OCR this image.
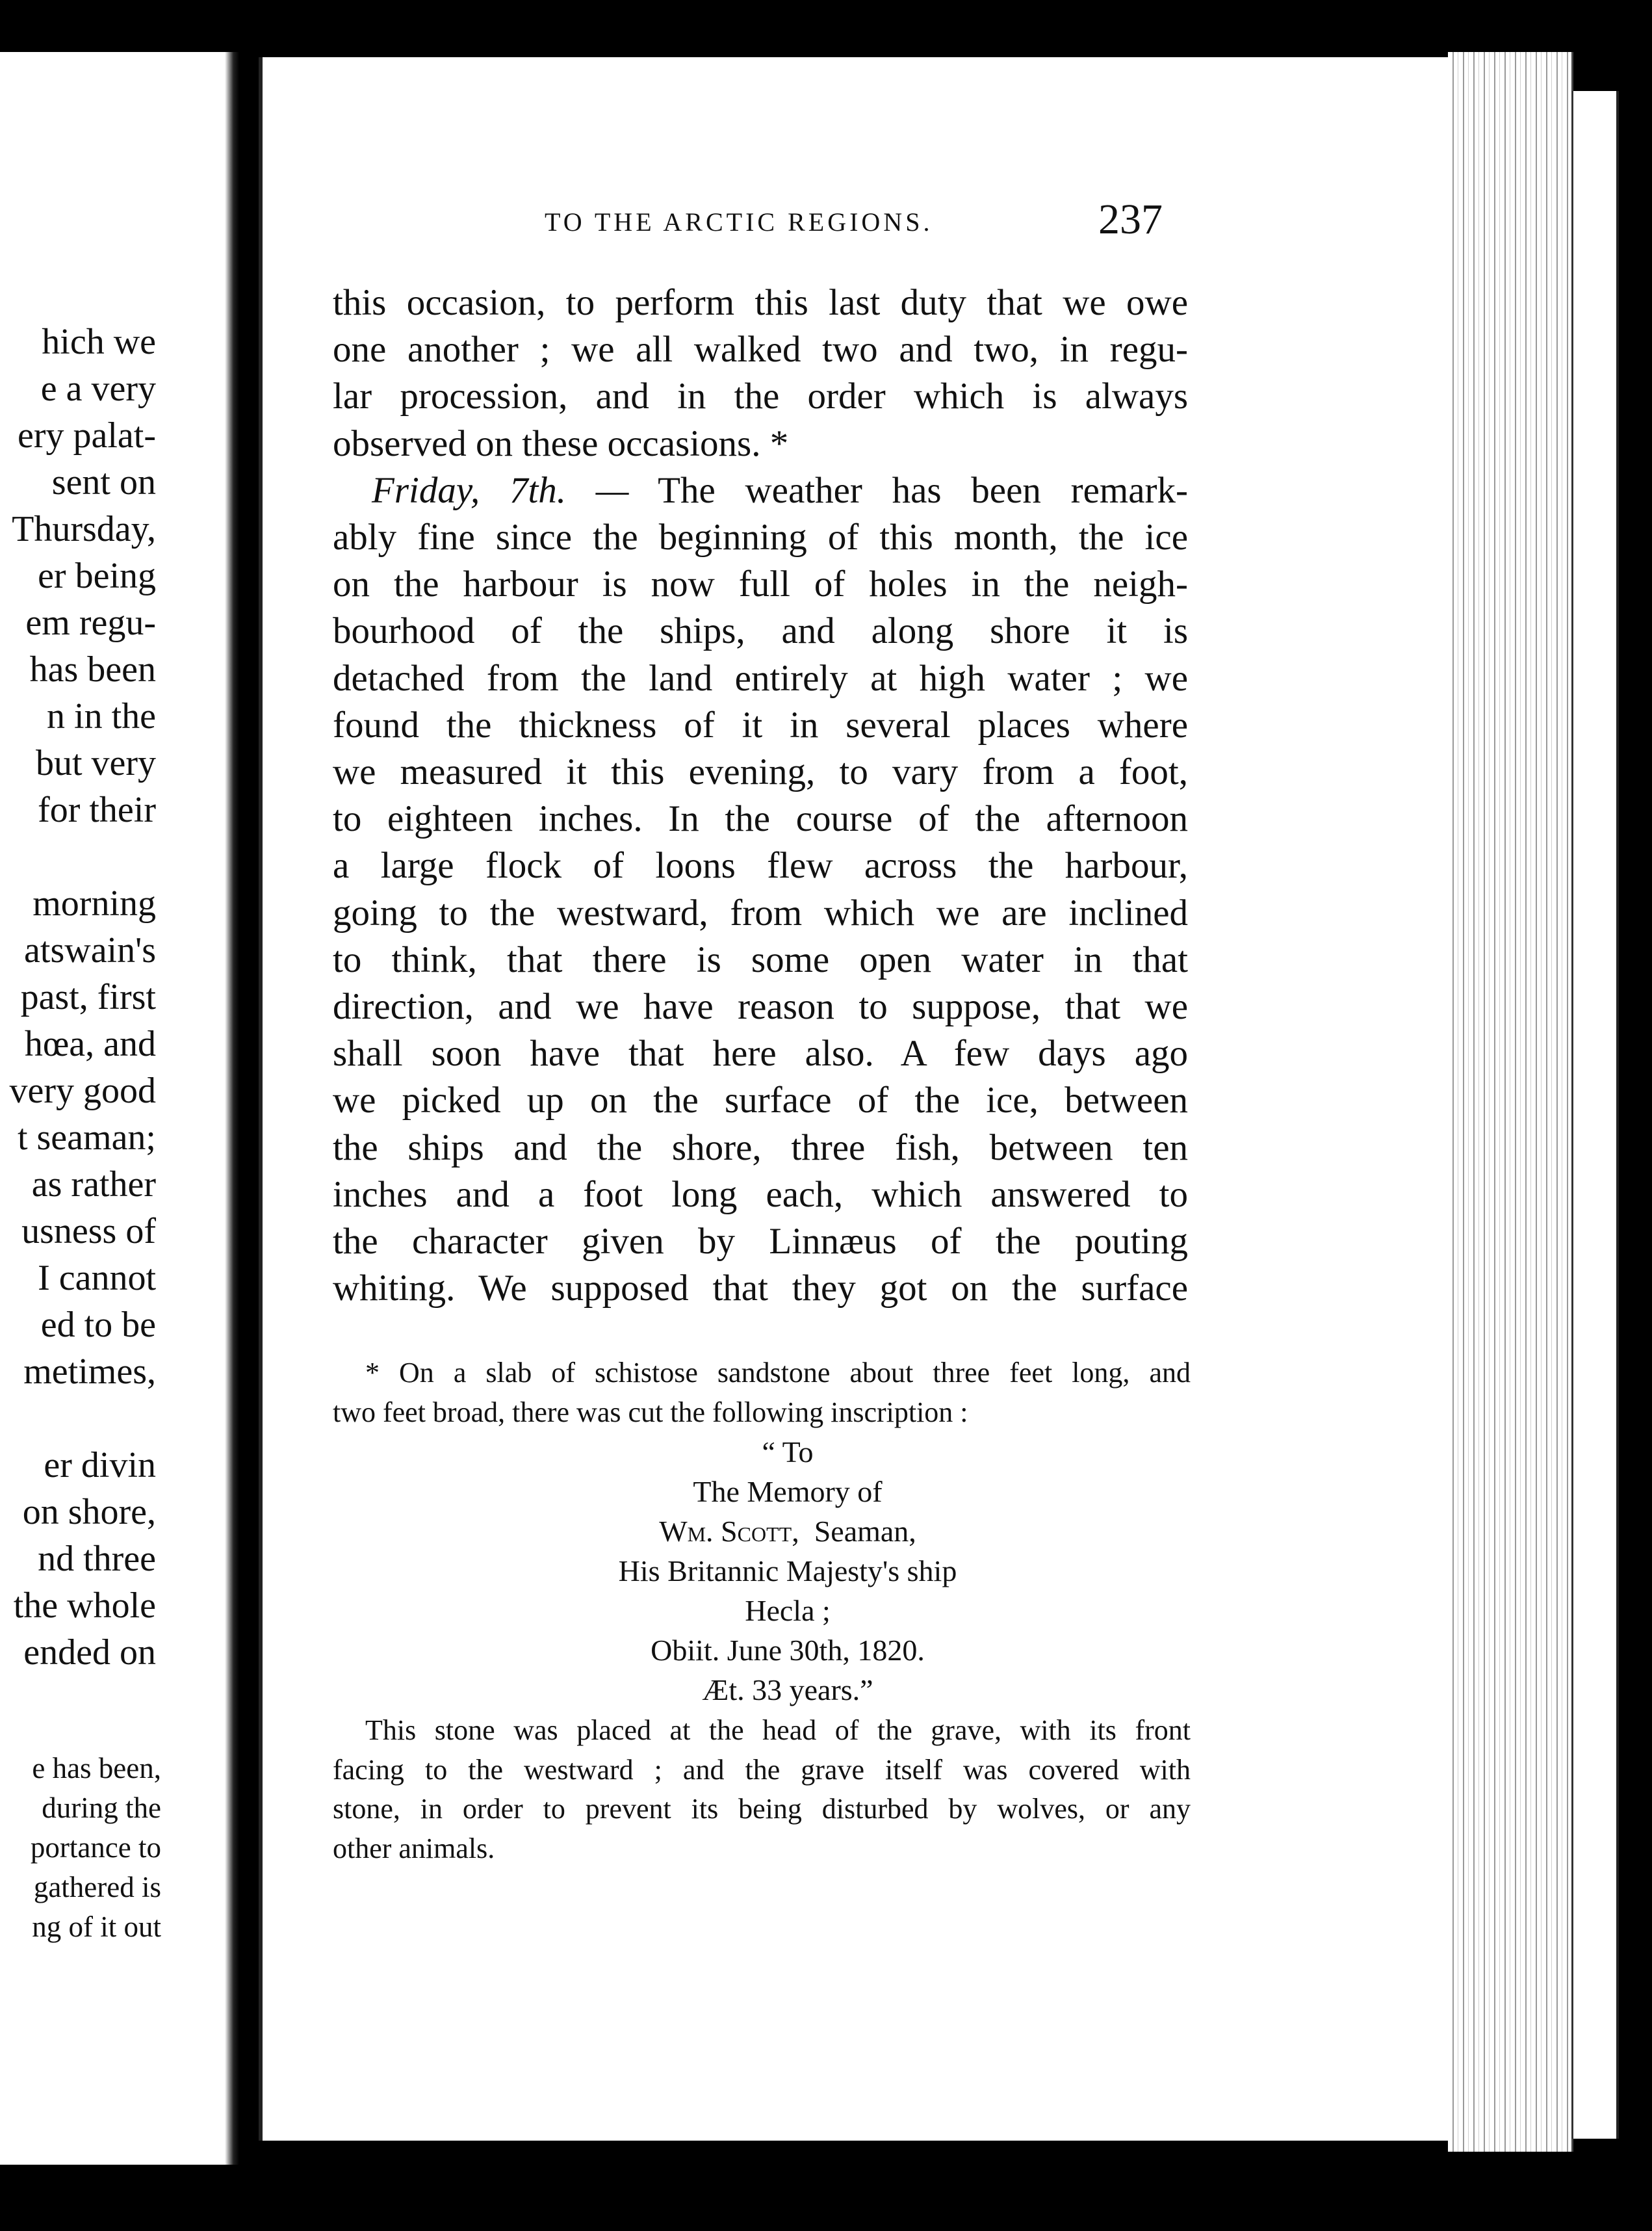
hich we
e a very
ery palat-
sent on
Thursday,
er being
em regu-
has been
n in the
but very
for their

morning
atswain's
past, first
hœa, and
very good
t seaman;
as rather
usness of
I cannot
ed to be
metimes,

er divin
on shore,
nd three
the whole
ended on
e has been,
during the
portance to
gathered is
ng of it out
TO THE ARCTIC REGIONS.	237
this occasion, to perform this last duty that we owe
one another ; we all walked two and two, in regu-
lar procession, and in the order which is always
observed on these occasions. *
Friday, 7th. — The weather has been remark-
ably fine since the beginning of this month, the ice
on the harbour is now full of holes in the neigh-
bourhood of the ships, and along shore it is
detached from the land entirely at high water ; we
found the thickness of it in several places where
we measured it this evening, to vary from a foot,
to eighteen inches. In the course of the afternoon
a large flock of loons flew across the harbour,
going to the westward, from which we are inclined
to think, that there is some open water in that
direction, and we have reason to suppose, that we
shall soon have that here also. A few days ago
we picked up on the surface of the ice, between
the ships and the shore, three fish, between ten
inches and a foot long each, which answered to
the character given by Linnæus of the pouting
whiting. We supposed that they got on the surface
* On a slab of schistose sandstone about three feet long, and
two feet broad, there was cut the following inscription :
“ To
The Memory of
Wm. Scott, Seaman,
His Britannic Majesty's ship
Hecla ;
Obiit. June 30th, 1820.
Æt. 33 years.”
This stone was placed at the head of the grave, with its front
facing to the westward ; and the grave itself was covered with
stone, in order to prevent its being disturbed by wolves, or any
other animals.
